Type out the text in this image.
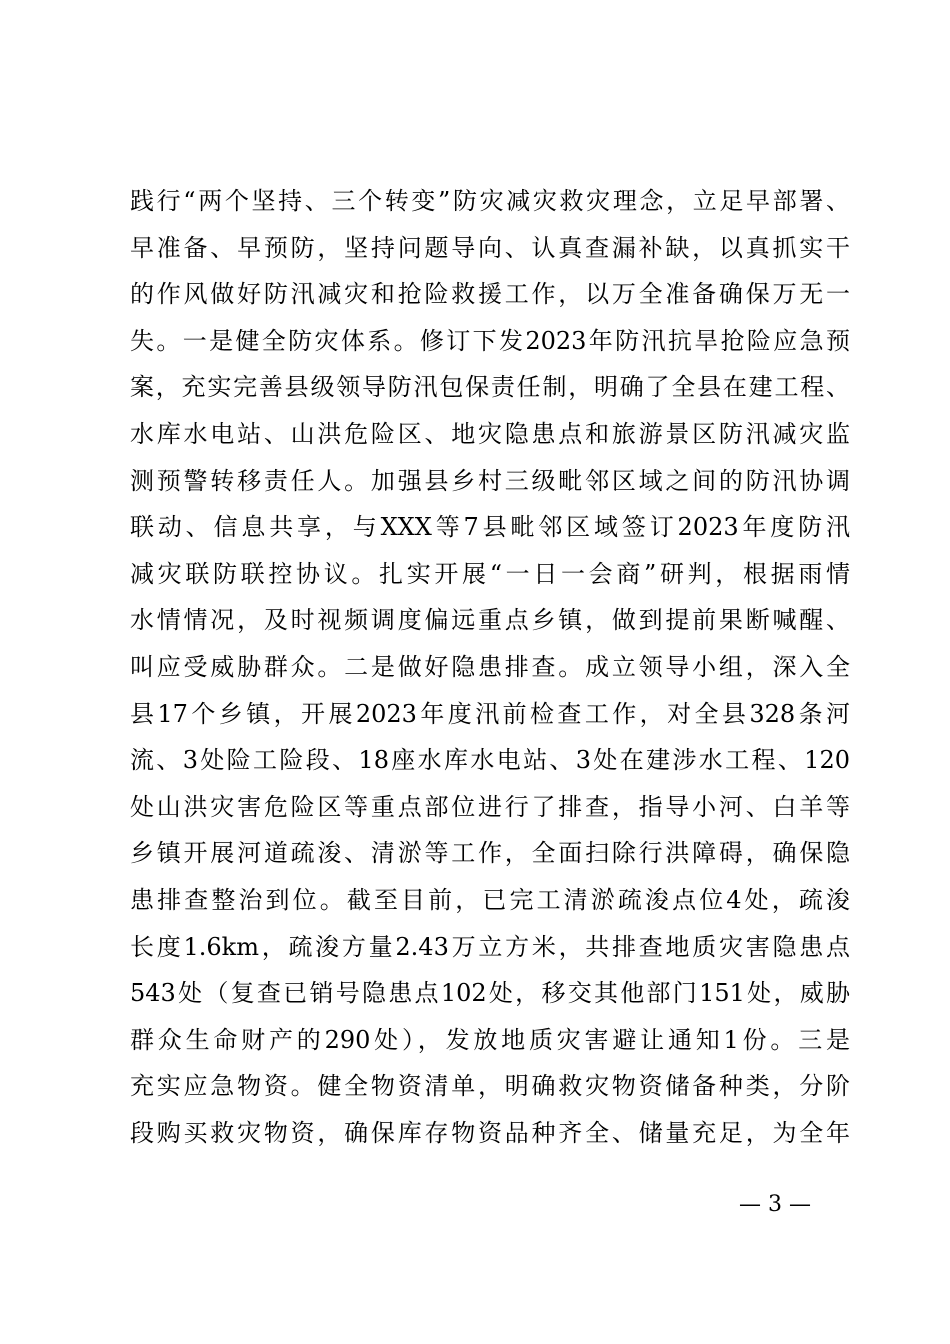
践行“两个坚持、三个转变”防灾减灾救灾理念，立足早部署、
早准备、早预防，坚持问题导向、认真查漏补缺，以真抓实干
的作风做好防汛减灾和抢险救援工作，以万全准备确保万无一
失。一是健全防灾体系。修订下发2023年防汛抗旱抢险应急预
案，充实完善县级领导防汛包保责任制，明确了全县在建工程、
水库水电站、山洪危险区、地灾隐患点和旅游景区防汛减灾监
测预警转移责任人。加强县乡村三级毗邻区域之间的防汛协调
联动、信息共享，与XXX等7县毗邻区域签订2023年度防汛
减灾联防联控协议。扎实开展“一日一会商”研判，根据雨情
水情情况，及时视频调度偏远重点乡镇，做到提前果断喊醒、
叫应受威胁群众。二是做好隐患排查。成立领导小组，深入全
县17个乡镇，开展2023年度汛前检查工作，对全县328条河
流、3处险工险段、18座水库水电站、3处在建涉水工程、120
处山洪灾害危险区等重点部位进行了排查，指导小河、白羊等
乡镇开展河道疏浚、清淤等工作，全面扫除行洪障碍，确保隐
患排查整治到位。截至目前，已完工清淤疏浚点位4处，疏浚
长度1.6km，疏浚方量2.43万立方米，共排查地质灾害隐患点
543处（复查已销号隐患点102处，移交其他部门151处，威胁
群众生命财产的290处），发放地质灾害避让通知1份。三是
充实应急物资。健全物资清单，明确救灾物资储备种类，分阶
段购买救灾物资，确保库存物资品种齐全、储量充足，为全年
— 3 —
